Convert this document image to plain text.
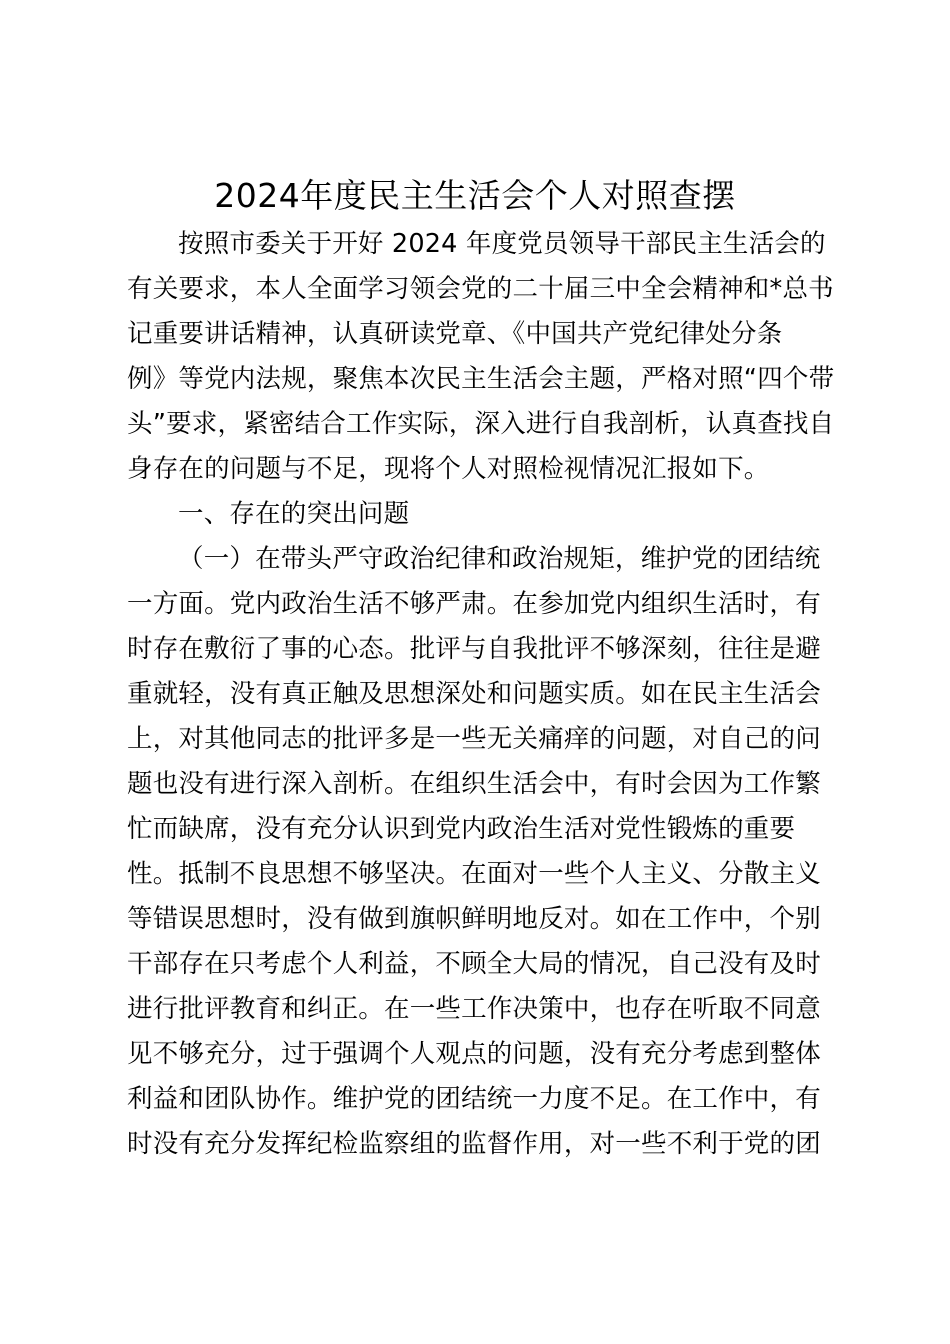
2024年度民主生活会个人对照查摆
按照市委关于开好 2024 年度党员领导干部民主生活会的
有关要求，本人全面学习领会党的二十届三中全会精神和*总书
记重要讲话精神，认真研读党章、《中国共产党纪律处分条
例》等党内法规，聚焦本次民主生活会主题，严格对照“四个带
头”要求，紧密结合工作实际，深入进行自我剖析，认真查找自
身存在的问题与不足，现将个人对照检视情况汇报如下。
一、存在的突出问题
（一）在带头严守政治纪律和政治规矩，维护党的团结统
一方面。党内政治生活不够严肃。在参加党内组织生活时，有
时存在敷衍了事的心态。批评与自我批评不够深刻，往往是避
重就轻，没有真正触及思想深处和问题实质。如在民主生活会
上，对其他同志的批评多是一些无关痛痒的问题，对自己的问
题也没有进行深入剖析。在组织生活会中，有时会因为工作繁
忙而缺席，没有充分认识到党内政治生活对党性锻炼的重要
性。抵制不良思想不够坚决。在面对一些个人主义、分散主义
等错误思想时，没有做到旗帜鲜明地反对。如在工作中，个别
干部存在只考虑个人利益，不顾全大局的情况，自己没有及时
进行批评教育和纠正。在一些工作决策中，也存在听取不同意
见不够充分，过于强调个人观点的问题，没有充分考虑到整体
利益和团队协作。维护党的团结统一力度不足。在工作中，有
时没有充分发挥纪检监察组的监督作用，对一些不利于党的团
